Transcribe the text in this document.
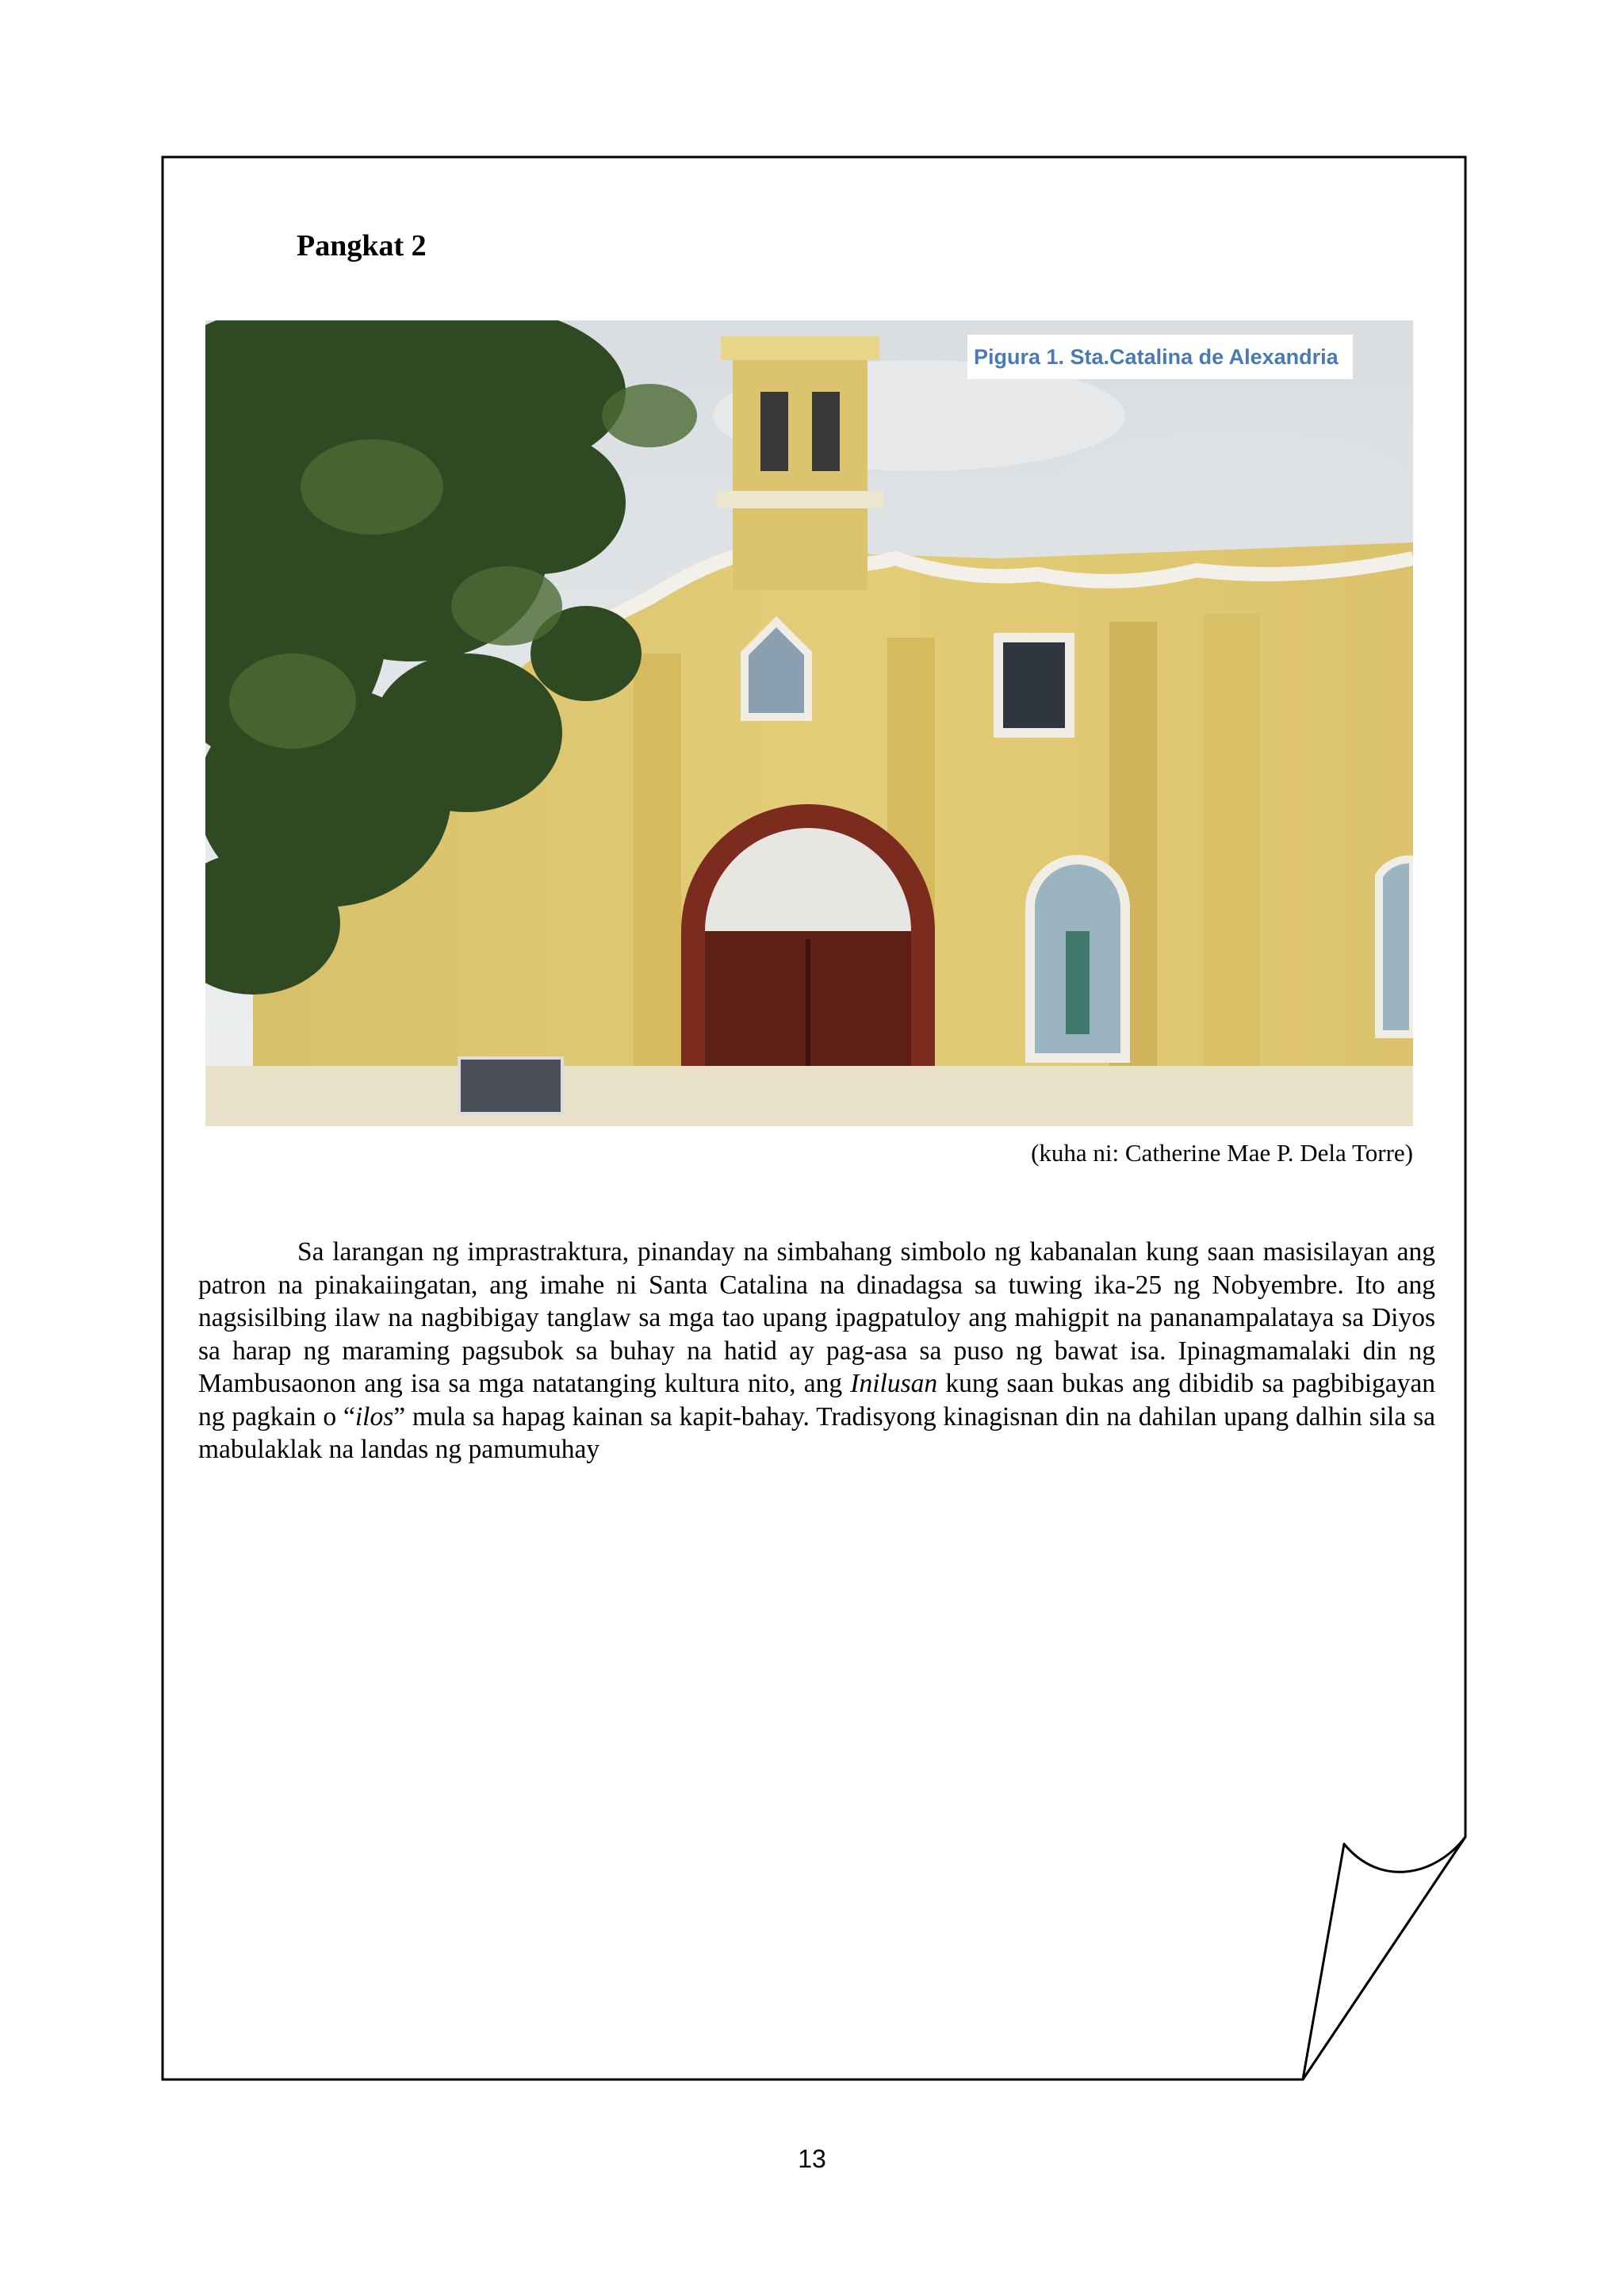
Pangkat 2
Pigura 1. Sta.Catalina de Alexandria
(kuha ni: Catherine Mae P. Dela Torre)

Sa larangan ng imprastraktura, pinanday na simbahang simbolo ng kabanalan kung saan masisilayan ang patron na pinakaiingatan, ang imahe ni Santa Catalina na dinadagsa sa tuwing ika-25 ng Nobyembre. Ito ang nagsisilbing ilaw na nagbibigay tanglaw sa mga tao upang ipagpatuloy ang mahigpit na pananampalataya sa Diyos sa harap ng maraming pagsubok sa buhay na hatid ay pag-asa sa puso ng bawat isa. Ipinagmamalaki din ng Mambusaonon ang isa sa mga natatanging kultura nito, ang Inilusan kung saan bukas ang dibidib sa pagbibigayan ng pagkain o “ilos” mula sa hapag kainan sa kapit-bahay. Tradisyong kinagisnan din na dahilan upang dalhin sila sa mabulaklak na landas ng pamumuhay

13
